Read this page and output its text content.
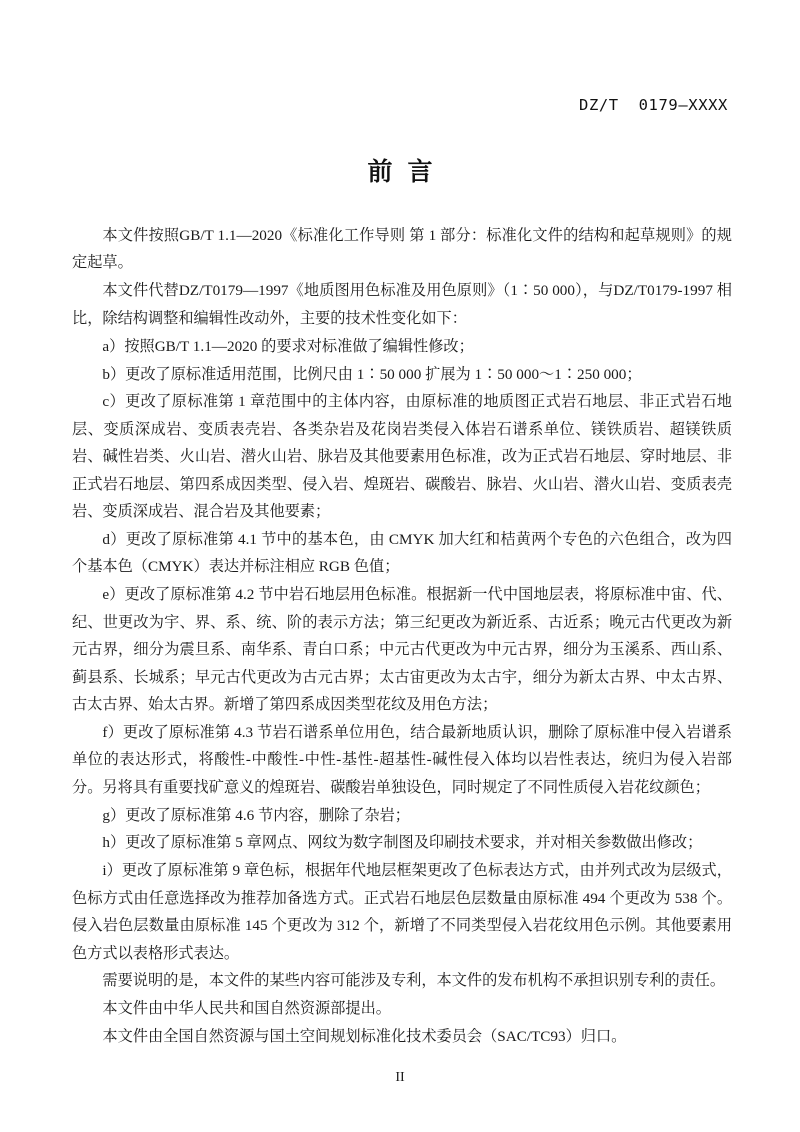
DZ/T  0179—XXXX
前言

本文件按照GB/T 1.1—2020《标准化工作导则 第 1 部分：标准化文件的结构和起草规则》的规定起草。

本文件代替DZ/T0179—1997《地质图用色标准及用色原则》（1∶50 000），与DZ/T0179-1997 相比，除结构调整和编辑性改动外，主要的技术性变化如下：

a）按照GB/T 1.1—2020 的要求对标准做了编辑性修改；

b）更改了原标准适用范围，比例尺由 1∶50 000 扩展为 1∶50 000～1∶250 000；

c）更改了原标准第 1 章范围中的主体内容，由原标准的地质图正式岩石地层、非正式岩石地层、变质深成岩、变质表壳岩、各类杂岩及花岗岩类侵入体岩石谱系单位、镁铁质岩、超镁铁质岩、碱性岩类、火山岩、潜火山岩、脉岩及其他要素用色标准，改为正式岩石地层、穿时地层、非正式岩石地层、第四系成因类型、侵入岩、煌斑岩、碳酸岩、脉岩、火山岩、潜火山岩、变质表壳岩、变质深成岩、混合岩及其他要素；

d）更改了原标准第 4.1 节中的基本色，由 CMYK 加大红和桔黄两个专色的六色组合，改为四个基本色（CMYK）表达并标注相应 RGB 色值；

e）更改了原标准第 4.2 节中岩石地层用色标准。根据新一代中国地层表，将原标准中宙、代、纪、世更改为宇、界、系、统、阶的表示方法；第三纪更改为新近系、古近系；晚元古代更改为新元古界，细分为震旦系、南华系、青白口系；中元古代更改为中元古界，细分为玉溪系、西山系、蓟县系、长城系；早元古代更改为古元古界；太古宙更改为太古宇，细分为新太古界、中太古界、古太古界、始太古界。新增了第四系成因类型花纹及用色方法；

f）更改了原标准第 4.3 节岩石谱系单位用色，结合最新地质认识，删除了原标准中侵入岩谱系单位的表达形式，将酸性-中酸性-中性-基性-超基性-碱性侵入体均以岩性表达，统归为侵入岩部分。另将具有重要找矿意义的煌斑岩、碳酸岩单独设色，同时规定了不同性质侵入岩花纹颜色；

g）更改了原标准第 4.6 节内容，删除了杂岩；

h）更改了原标准第 5 章网点、网纹为数字制图及印刷技术要求，并对相关参数做出修改；

i）更改了原标准第 9 章色标，根据年代地层框架更改了色标表达方式，由并列式改为层级式，色标方式由任意选择改为推荐加备选方式。正式岩石地层色层数量由原标准 494 个更改为 538 个。侵入岩色层数量由原标准 145 个更改为 312 个，新增了不同类型侵入岩花纹用色示例。其他要素用色方式以表格形式表达。

需要说明的是，本文件的某些内容可能涉及专利，本文件的发布机构不承担识别专利的责任。

本文件由中华人民共和国自然资源部提出。

本文件由全国自然资源与国土空间规划标准化技术委员会（SAC/TC93）归口。

II
